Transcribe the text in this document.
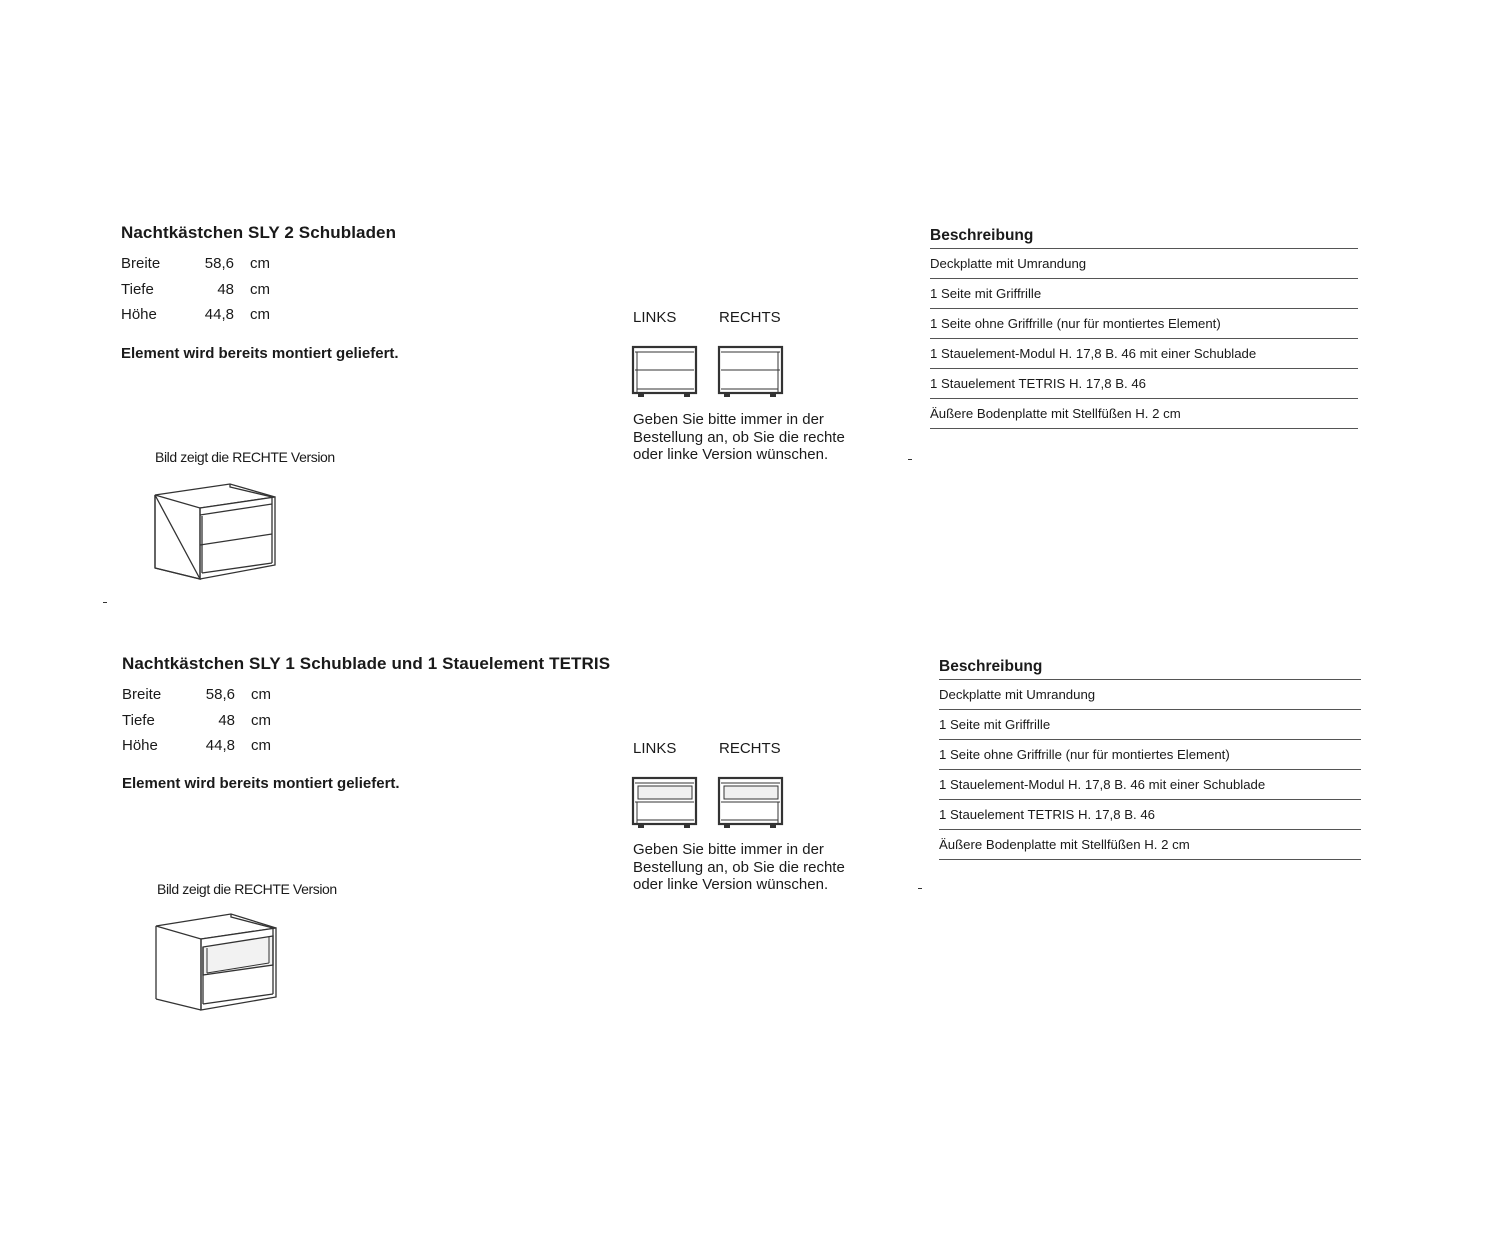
Nachtkästchen SLY 2 Schubladen
Breite	58,6 cm
Tiefe	48 cm
Höhe	44,8 cm
Element wird bereits montiert geliefert.
Bild zeigt die RECHTE Version
LINKS	RECHTS
Geben Sie bitte immer in der Bestellung an, ob Sie die rechte oder linke Version wünschen.
Beschreibung
Deckplatte mit Umrandung
1 Seite mit Griffrille
1 Seite ohne Griffrille (nur für montiertes Element)
1 Stauelement-Modul H. 17,8 B. 46 mit einer Schublade
1 Stauelement TETRIS H. 17,8 B. 46
Äußere Bodenplatte mit Stellfüßen H. 2 cm
Nachtkästchen SLY 1 Schublade und 1 Stauelement TETRIS
Breite	58,6 cm
Tiefe	48 cm
Höhe	44,8 cm
Element wird bereits montiert geliefert.
Bild zeigt die RECHTE Version
LINKS	RECHTS
Geben Sie bitte immer in der Bestellung an, ob Sie die rechte oder linke Version wünschen.
Beschreibung
Deckplatte mit Umrandung
1 Seite mit Griffrille
1 Seite ohne Griffrille (nur für montiertes Element)
1 Stauelement-Modul H. 17,8 B. 46 mit einer Schublade
1 Stauelement TETRIS H. 17,8 B. 46
Äußere Bodenplatte mit Stellfüßen H. 2 cm
